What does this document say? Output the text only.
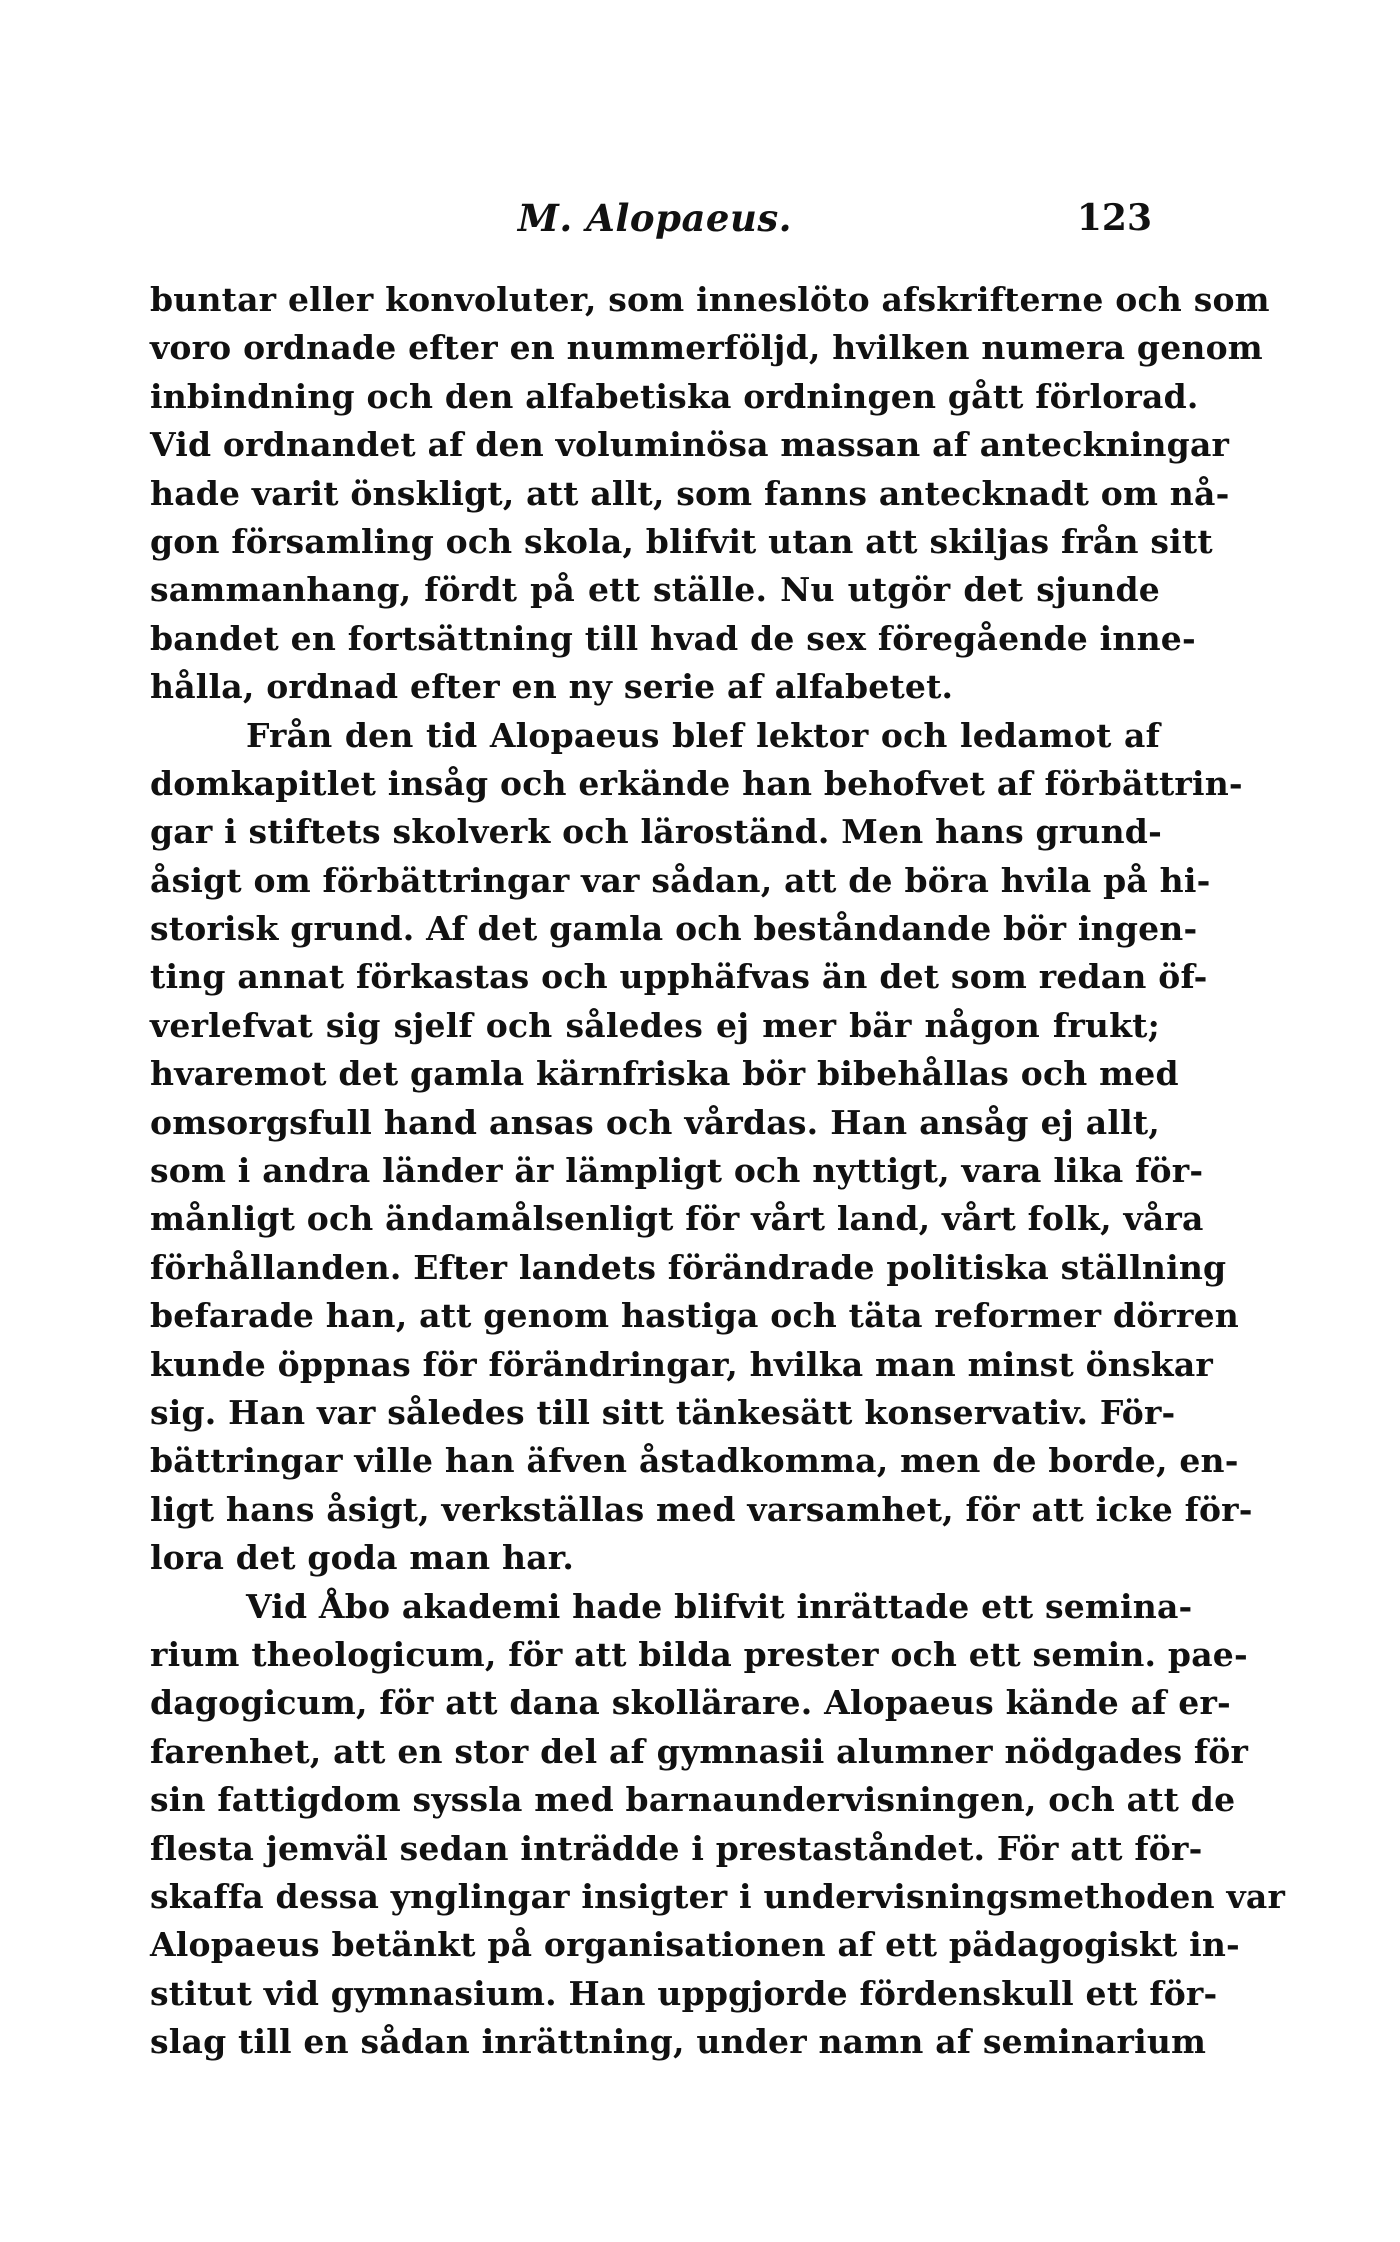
M. Alopaeus.	123
buntar eller konvoluter, som inneslöto afskrifterne och som
voro ordnade efter en nummerföljd, hvilken numera genom
inbindning och den alfabetiska ordningen gått förlorad.
Vid ordnandet af den voluminösa massan af anteckningar
hade varit önskligt, att allt, som fanns antecknadt om nå-
gon församling och skola, blifvit utan att skiljas från sitt
sammanhang, fördt på ett ställe. Nu utgör det sjunde
bandet en fortsättning till hvad de sex föregående inne-
hålla, ordnad efter en ny serie af alfabetet.
Från den tid Alopaeus blef lektor och ledamot af
domkapitlet insåg och erkände han behofvet af förbättrin-
gar i stiftets skolverk och läroständ. Men hans grund-
åsigt om förbättringar var sådan, att de böra hvila på hi-
storisk grund. Af det gamla och beståndande bör ingen-
ting annat förkastas och upphäfvas än det som redan öf-
verlefvat sig sjelf och således ej mer bär någon frukt;
hvaremot det gamla kärnfriska bör bibehållas och med
omsorgsfull hand ansas och vårdas. Han ansåg ej allt,
som i andra länder är lämpligt och nyttigt, vara lika för-
månligt och ändamålsenligt för vårt land, vårt folk, våra
förhållanden. Efter landets förändrade politiska ställning
befarade han, att genom hastiga och täta reformer dörren
kunde öppnas för förändringar, hvilka man minst önskar
sig. Han var således till sitt tänkesätt konservativ. För-
bättringar ville han äfven åstadkomma, men de borde, en-
ligt hans åsigt, verkställas med varsamhet, för att icke för-
lora det goda man har.
Vid Åbo akademi hade blifvit inrättade ett semina-
rium theologicum, för att bilda prester och ett semin. pae-
dagogicum, för att dana skollärare. Alopaeus kände af er-
farenhet, att en stor del af gymnasii alumner nödgades för
sin fattigdom syssla med barnaundervisningen, och att de
flesta jemväl sedan inträdde i prestaståndet. För att för-
skaffa dessa ynglingar insigter i undervisningsmethoden var
Alopaeus betänkt på organisationen af ett pädagogiskt in-
stitut vid gymnasium. Han uppgjorde fördenskull ett för-
slag till en sådan inrättning, under namn af seminarium
